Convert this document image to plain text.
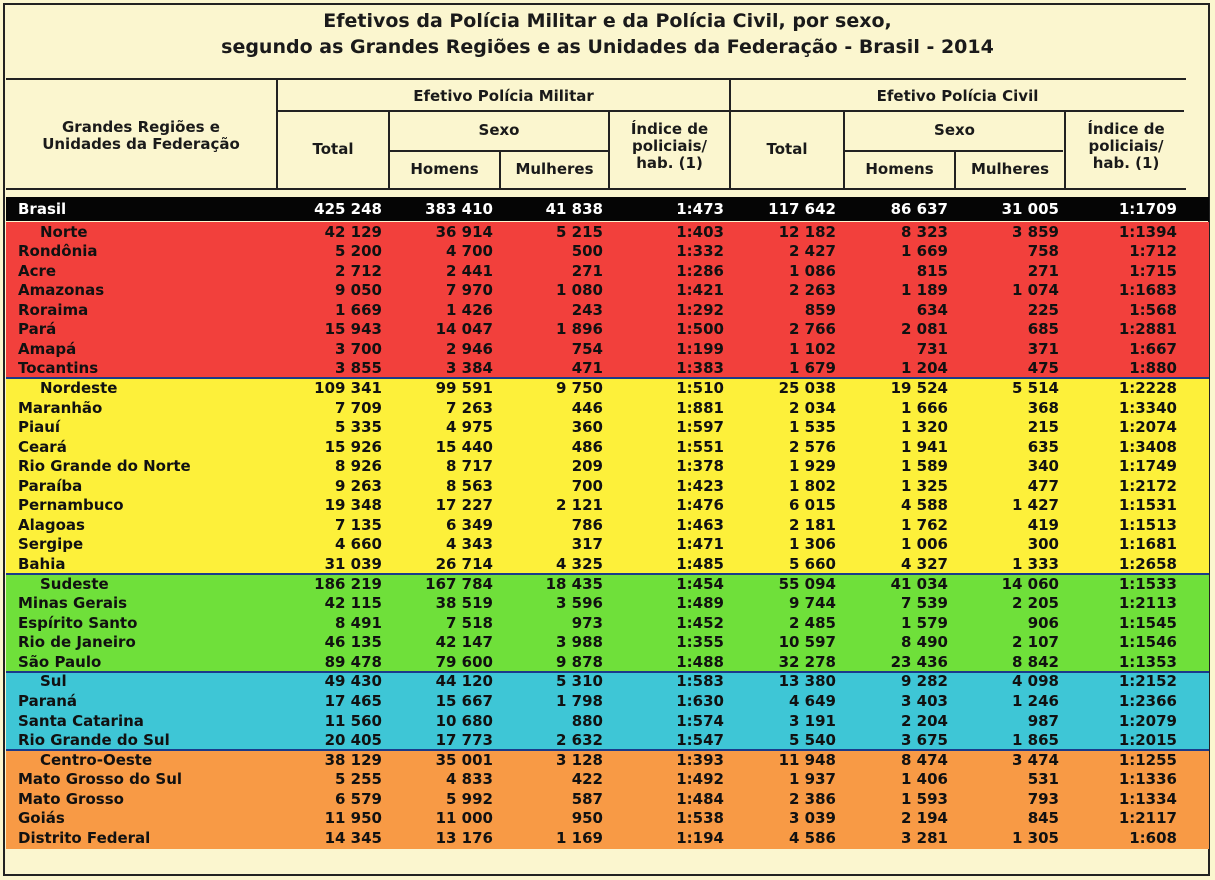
Efetivos da Polícia Militar e da Polícia Civil, por sexo,
segundo as Grandes Regiões e as Unidades da Federação - Brasil - 2014
Grandes Regiões e
Unidades da Federação
Efetivo Polícia Militar	Efetivo Polícia Civil
Total
Sexo
Homens	Mulheres
Índice de
policiais/
hab. (1)
Total
Sexo
Homens	Mulheres
Índice de
policiais/
hab. (1)
Brasil	425 248	383 410	41 838	1:473	117 642	86 637	31 005	1:1709
Norte	42 129	36 914	5 215	1:403	12 182	8 323	3 859	1:1394
Rondônia	5 200	4 700	500	1:332	2 427	1 669	758	1:712
Acre	2 712	2 441	271	1:286	1 086	815	271	1:715
Amazonas	9 050	7 970	1 080	1:421	2 263	1 189	1 074	1:1683
Roraima	1 669	1 426	243	1:292	859	634	225	1:568
Pará	15 943	14 047	1 896	1:500	2 766	2 081	685	1:2881
Amapá	3 700	2 946	754	1:199	1 102	731	371	1:667
Tocantins	3 855	3 384	471	1:383	1 679	1 204	475	1:880
Nordeste	109 341	99 591	9 750	1:510	25 038	19 524	5 514	1:2228
Maranhão	7 709	7 263	446	1:881	2 034	1 666	368	1:3340
Piauí	5 335	4 975	360	1:597	1 535	1 320	215	1:2074
Ceará	15 926	15 440	486	1:551	2 576	1 941	635	1:3408
Rio Grande do Norte	8 926	8 717	209	1:378	1 929	1 589	340	1:1749
Paraíba	9 263	8 563	700	1:423	1 802	1 325	477	1:2172
Pernambuco	19 348	17 227	2 121	1:476	6 015	4 588	1 427	1:1531
Alagoas	7 135	6 349	786	1:463	2 181	1 762	419	1:1513
Sergipe	4 660	4 343	317	1:471	1 306	1 006	300	1:1681
Bahia	31 039	26 714	4 325	1:485	5 660	4 327	1 333	1:2658
Sudeste	186 219	167 784	18 435	1:454	55 094	41 034	14 060	1:1533
Minas Gerais	42 115	38 519	3 596	1:489	9 744	7 539	2 205	1:2113
Espírito Santo	8 491	7 518	973	1:452	2 485	1 579	906	1:1545
Rio de Janeiro	46 135	42 147	3 988	1:355	10 597	8 490	2 107	1:1546
São Paulo	89 478	79 600	9 878	1:488	32 278	23 436	8 842	1:1353
Sul	49 430	44 120	5 310	1:583	13 380	9 282	4 098	1:2152
Paraná	17 465	15 667	1 798	1:630	4 649	3 403	1 246	1:2366
Santa Catarina	11 560	10 680	880	1:574	3 191	2 204	987	1:2079
Rio Grande do Sul	20 405	17 773	2 632	1:547	5 540	3 675	1 865	1:2015
Centro-Oeste	38 129	35 001	3 128	1:393	11 948	8 474	3 474	1:1255
Mato Grosso do Sul	5 255	4 833	422	1:492	1 937	1 406	531	1:1336
Mato Grosso	6 579	5 992	587	1:484	2 386	1 593	793	1:1334
Goiás	11 950	11 000	950	1:538	3 039	2 194	845	1:2117
Distrito Federal	14 345	13 176	1 169	1:194	4 586	3 281	1 305	1:608
